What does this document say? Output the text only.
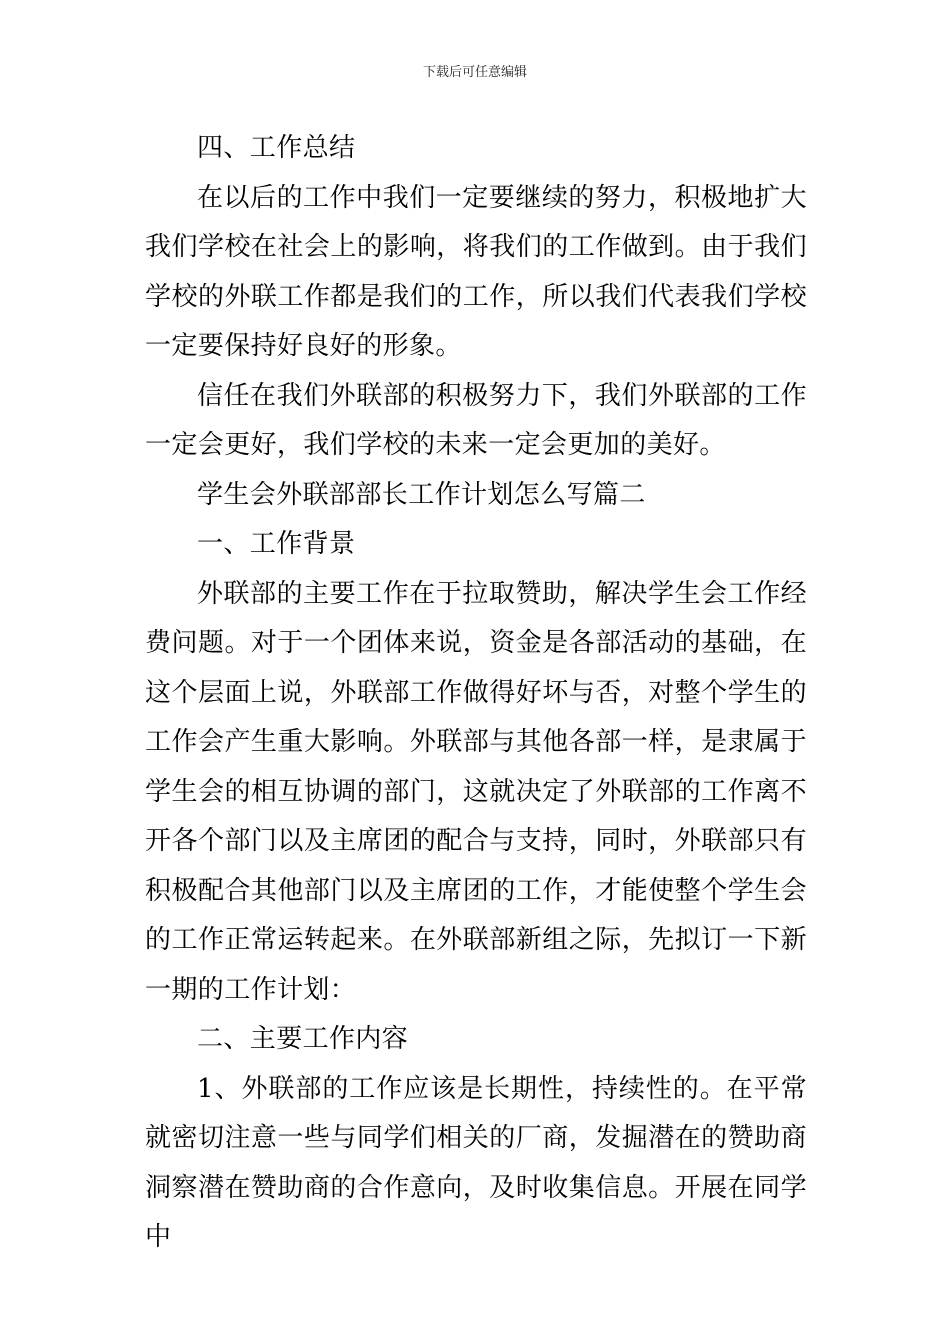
下载后可任意编辑

四、工作总结

在以后的工作中我们一定要继续的努力，积极地扩大我们学校在社会上的影响，将我们的工作做到。由于我们学校的外联工作都是我们的工作，所以我们代表我们学校一定要保持好良好的形象。

信任在我们外联部的积极努力下，我们外联部的工作一定会更好，我们学校的未来一定会更加的美好。

学生会外联部部长工作计划怎么写篇二

一、工作背景

外联部的主要工作在于拉取赞助，解决学生会工作经费问题。对于一个团体来说，资金是各部活动的基础，在这个层面上说，外联部工作做得好坏与否，对整个学生的工作会产生重大影响。外联部与其他各部一样，是隶属于学生会的相互协调的部门，这就决定了外联部的工作离不开各个部门以及主席团的配合与支持，同时，外联部只有积极配合其他部门以及主席团的工作，才能使整个学生会的工作正常运转起来。在外联部新组之际，先拟订一下新一期的工作计划：

二、主要工作内容

1、外联部的工作应该是长期性，持续性的。在平常就密切注意一些与同学们相关的厂商，发掘潜在的赞助商洞察潜在赞助商的合作意向，及时收集信息。开展在同学中
